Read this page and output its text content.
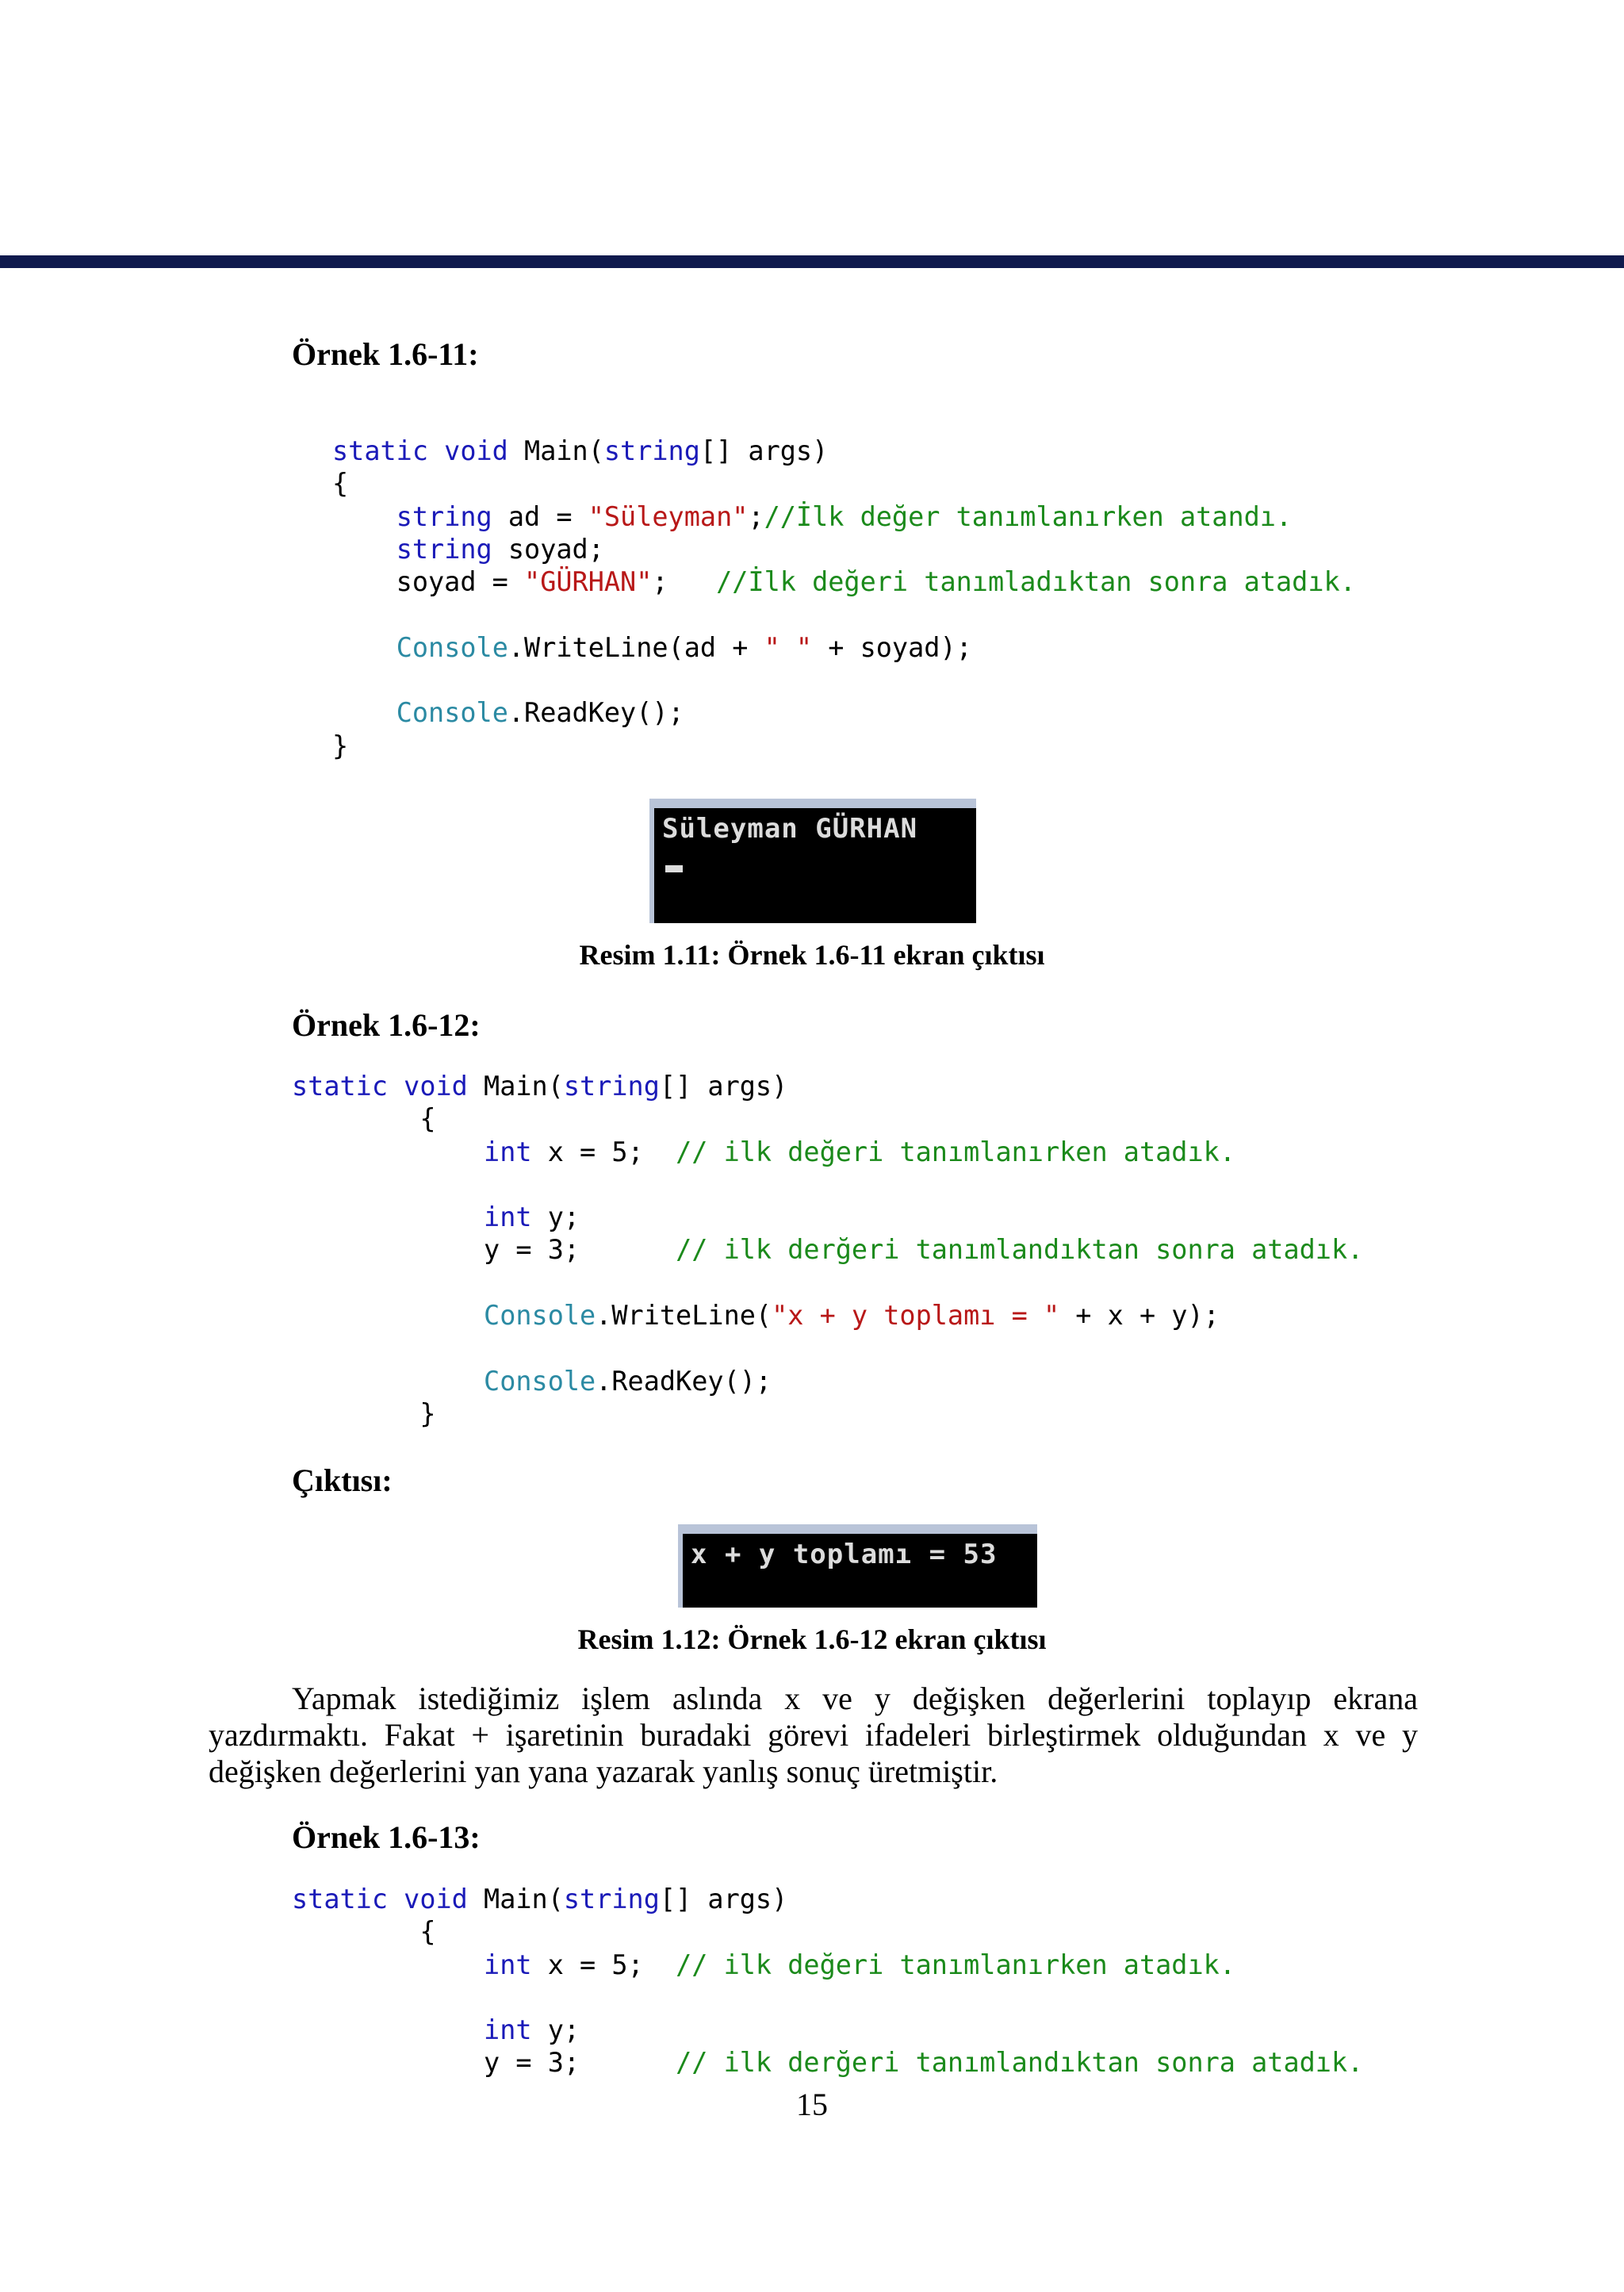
Örnek 1.6-11:
static void Main(string[] args)
{
string ad = "Süleyman";//İlk değer tanımlanırken atandı.
string soyad;
soyad = "GÜRHAN";   //İlk değeri tanımladıktan sonra atadık.
Console.WriteLine(ad + " " + soyad);
Console.ReadKey();
}

Süleyman GÜRHAN

Resim 1.11: Örnek 1.6-11 ekran çıktısı
Örnek 1.6-12:
static void Main(string[] args)
{
int x = 5;  // ilk değeri tanımlanırken atadık.
int y;
y = 3;      // ilk derğeri tanımlandıktan sonra atadık.
Console.WriteLine("x + y toplamı = " + x + y);
Console.ReadKey();
}
Çıktısı:

x + y toplamı = 53

Resim 1.12: Örnek 1.6-12 ekran çıktısı
Yapmak istediğimiz işlem aslında x ve y değişken değerlerini toplayıp ekrana yazdırmaktı. Fakat + işaretinin buradaki görevi ifadeleri birleştirmek olduğundan x ve y değişken değerlerini yan yana yazarak yanlış sonuç üretmiştir.
Örnek 1.6-13:
static void Main(string[] args)
{
int x = 5;  // ilk değeri tanımlanırken atadık.
int y;
y = 3;      // ilk derğeri tanımlandıktan sonra atadık.
15
